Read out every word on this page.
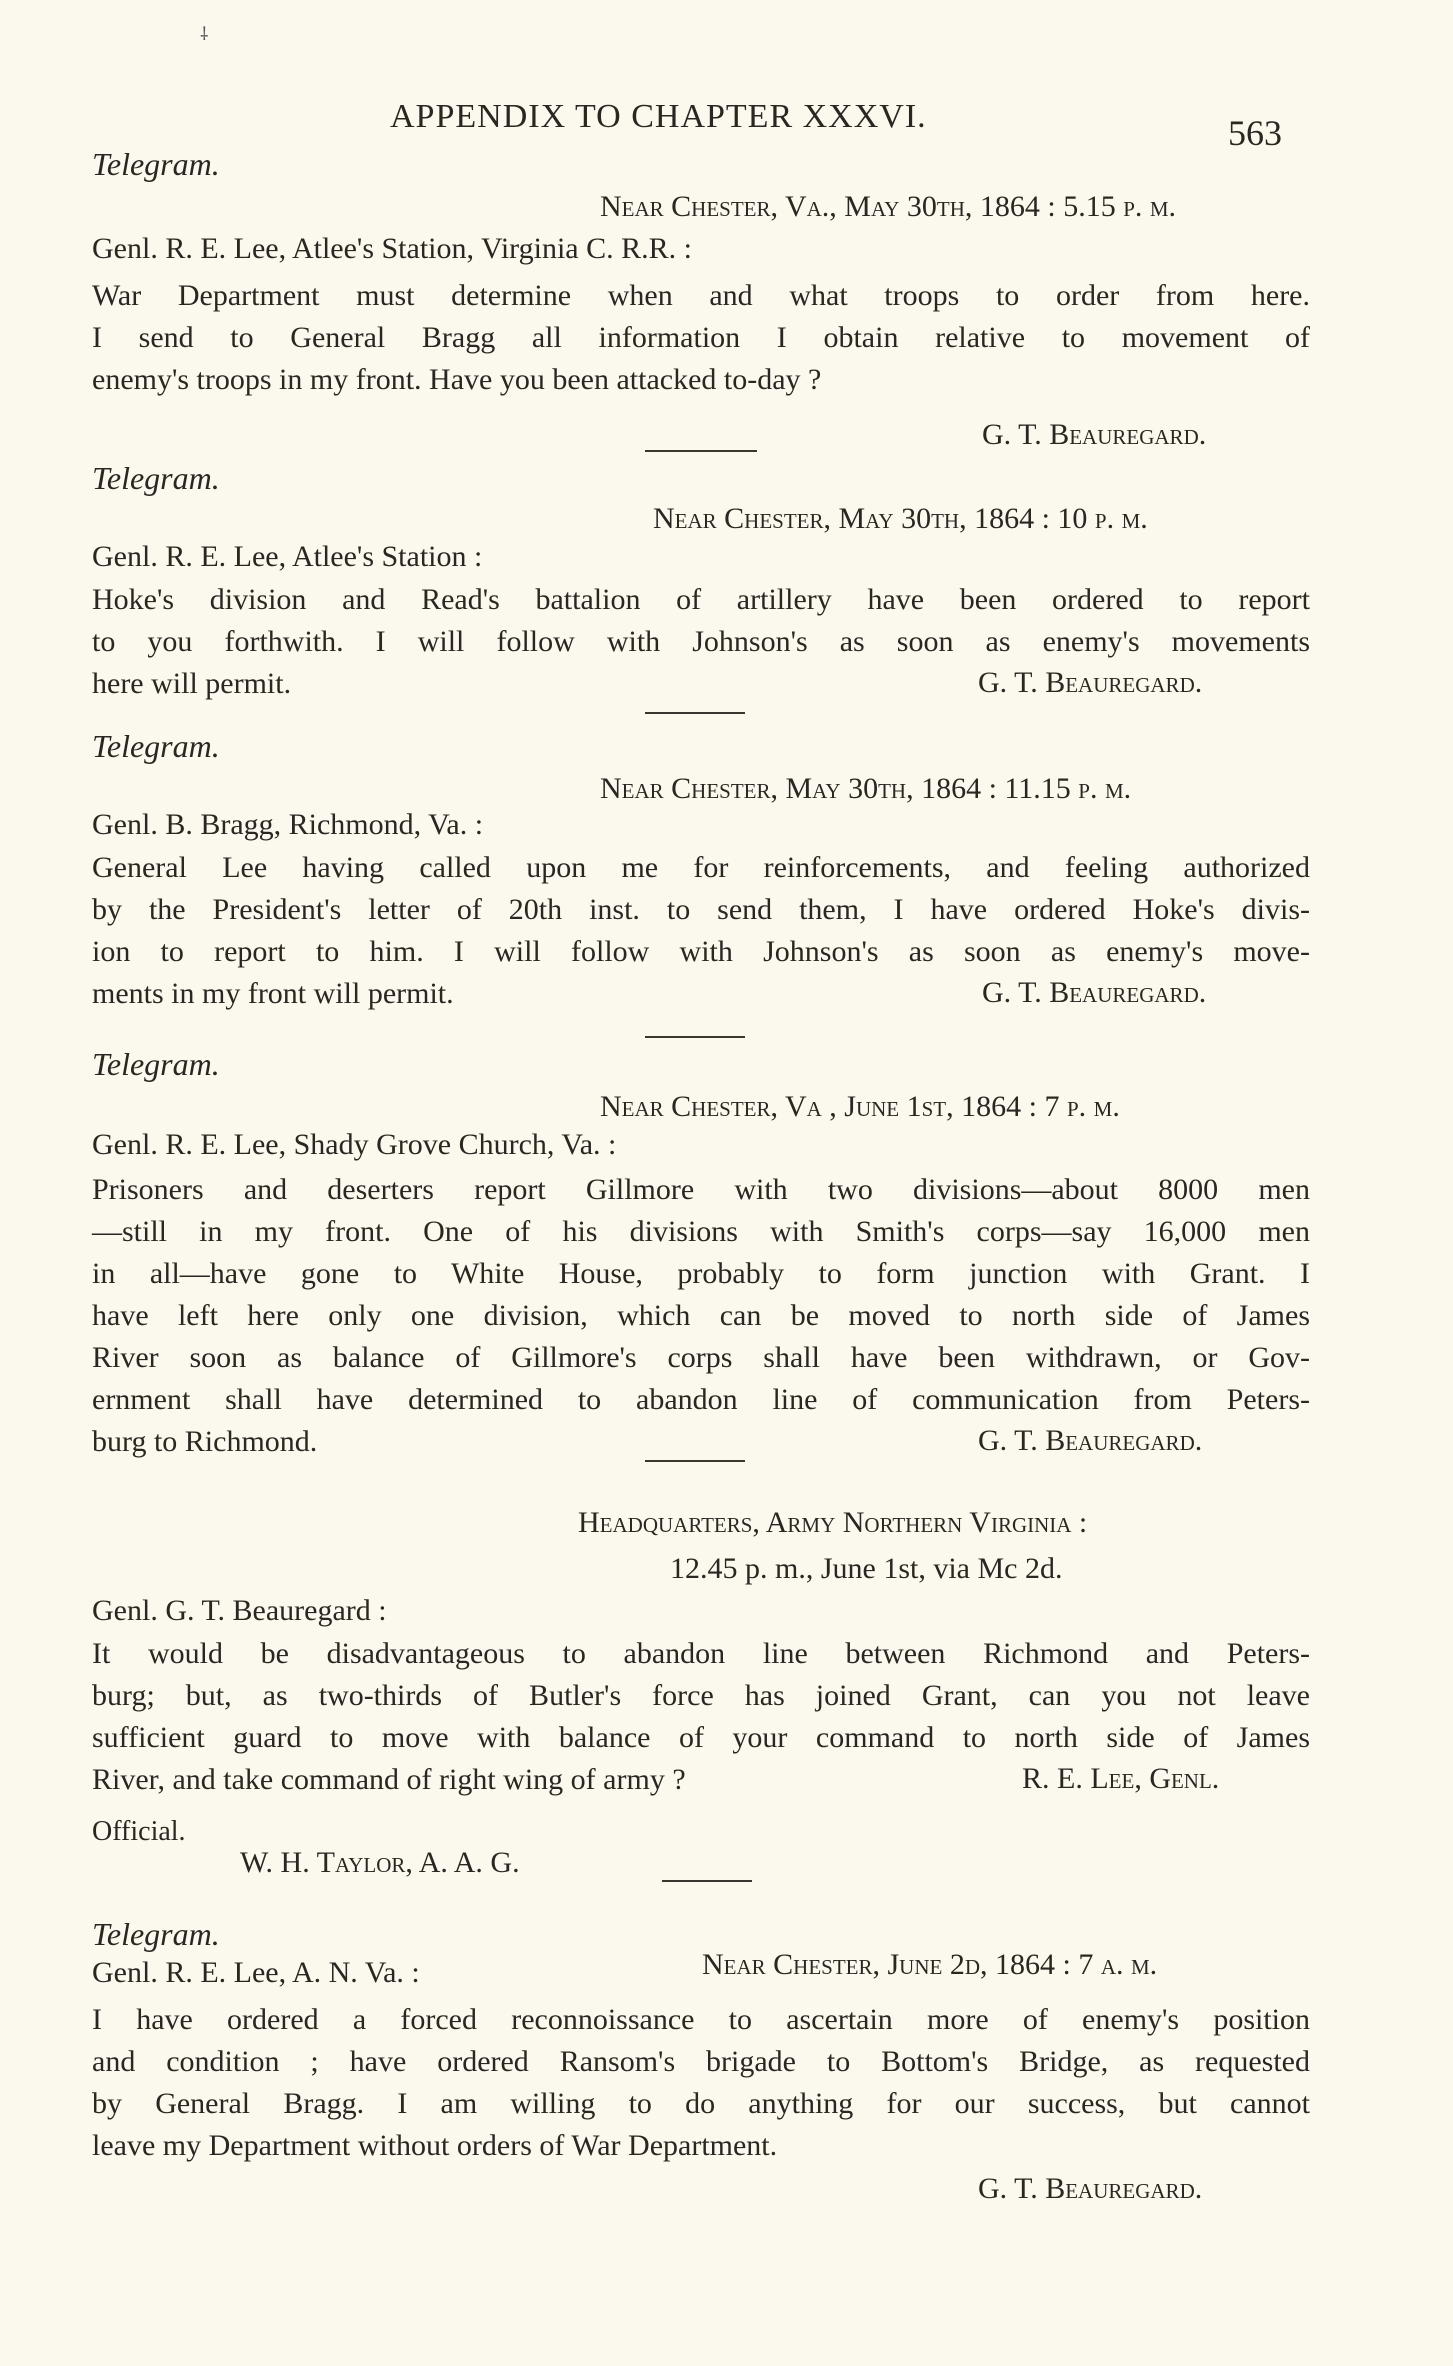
⸸
APPENDIX TO CHAPTER XXXVI.	563
Telegram.
Near Chester, Va., May 30th, 1864 : 5.15 p. m.
Genl. R. E. Lee, Atlee's Station, Virginia C. R.R. :
War Department must determine when and what troops to order from here.
I send to General Bragg all information I obtain relative to movement of
enemy's troops in my front. Have you been attacked to-day ?
G. T. Beauregard.
Telegram.
Near Chester, May 30th, 1864 : 10 p. m.
Genl. R. E. Lee, Atlee's Station :
Hoke's division and Read's battalion of artillery have been ordered to report
to you forthwith. I will follow with Johnson's as soon as enemy's movements
here will permit.	G. T. Beauregard.
Telegram.
Near Chester, May 30th, 1864 : 11.15 p. m.
Genl. B. Bragg, Richmond, Va. :
General Lee having called upon me for reinforcements, and feeling authorized
by the President's letter of 20th inst. to send them, I have ordered Hoke's divis-
ion to report to him. I will follow with Johnson's as soon as enemy's move-
ments in my front will permit.	G. T. Beauregard.
Telegram.
Near Chester, Va , June 1st, 1864 : 7 p. m.
Genl. R. E. Lee, Shady Grove Church, Va. :
Prisoners and deserters report Gillmore with two divisions—about 8000 men
—still in my front. One of his divisions with Smith's corps—say 16,000 men
in all—have gone to White House, probably to form junction with Grant. I
have left here only one division, which can be moved to north side of James
River soon as balance of Gillmore's corps shall have been withdrawn, or Gov-
ernment shall have determined to abandon line of communication from Peters-
burg to Richmond.	G. T. Beauregard.
Headquarters, Army Northern Virginia :
12.45 p. m., June 1st, via Mc 2d.
Genl. G. T. Beauregard :
It would be disadvantageous to abandon line between Richmond and Peters-
burg; but, as two-thirds of Butler's force has joined Grant, can you not leave
sufficient guard to move with balance of your command to north side of James
River, and take command of right wing of army ?	R. E. Lee, Genl.
Official.
W. H. Taylor, A. A. G.
Telegram.
Genl. R. E. Lee, A. N. Va. :	Near Chester, June 2d, 1864 : 7 a. m.
I have ordered a forced reconnoissance to ascertain more of enemy's position
and condition ; have ordered Ransom's brigade to Bottom's Bridge, as requested
by General Bragg. I am willing to do anything for our success, but cannot
leave my Department without orders of War Department.
G. T. Beauregard.
